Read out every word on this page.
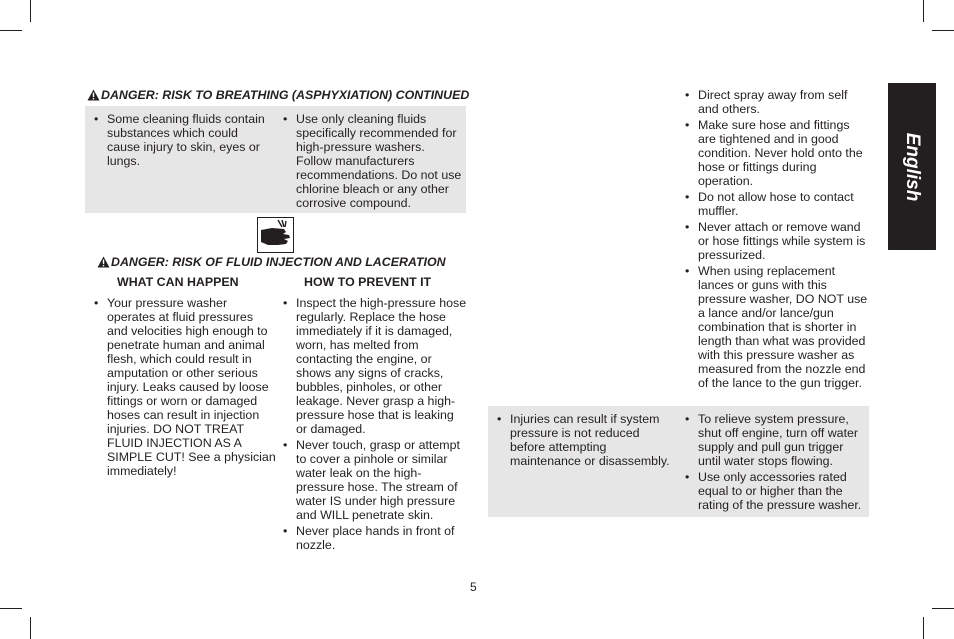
DANGER: RISK TO BREATHING (ASPHYXIATION) CONTINUED
• Some cleaning fluids contain substances which could cause injury to skin, eyes or lungs.
• Use only cleaning fluids specifically recommended for high-pressure washers. Follow manufacturers recommendations. Do not use chlorine bleach or any other corrosive compound.
DANGER: RISK OF FLUID INJECTION AND LACERATION
WHAT CAN HAPPEN	HOW TO PREVENT IT
• Your pressure washer operates at fluid pressures and velocities high enough to penetrate human and animal flesh, which could result in amputation or other serious injury. Leaks caused by loose fittings or worn or damaged hoses can result in injection injuries. DO NOT TREAT FLUID INJECTION AS A SIMPLE CUT! See a physician immediately!
• Inspect the high-pressure hose regularly. Replace the hose immediately if it is damaged, worn, has melted from contacting the engine, or shows any signs of cracks, bubbles, pinholes, or other leakage. Never grasp a high-pressure hose that is leaking or damaged.
• Never touch, grasp or attempt to cover a pinhole or similar water leak on the high-pressure hose. The stream of water IS under high pressure and WILL penetrate skin.
• Never place hands in front of nozzle.
• Direct spray away from self and others.
• Make sure hose and fittings are tightened and in good condition. Never hold onto the hose or fittings during operation.
• Do not allow hose to contact muffler.
• Never attach or remove wand or hose fittings while system is pressurized.
• When using replacement lances or guns with this pressure washer, DO NOT use a lance and/or lance/gun combination that is shorter in length than what was provided with this pressure washer as measured from the nozzle end of the lance to the gun trigger.
• Injuries can result if system pressure is not reduced before attempting maintenance or disassembly.
• To relieve system pressure, shut off engine, turn off water supply and pull gun trigger until water stops flowing.
• Use only accessories rated equal to or higher than the rating of the pressure washer.
English
5
